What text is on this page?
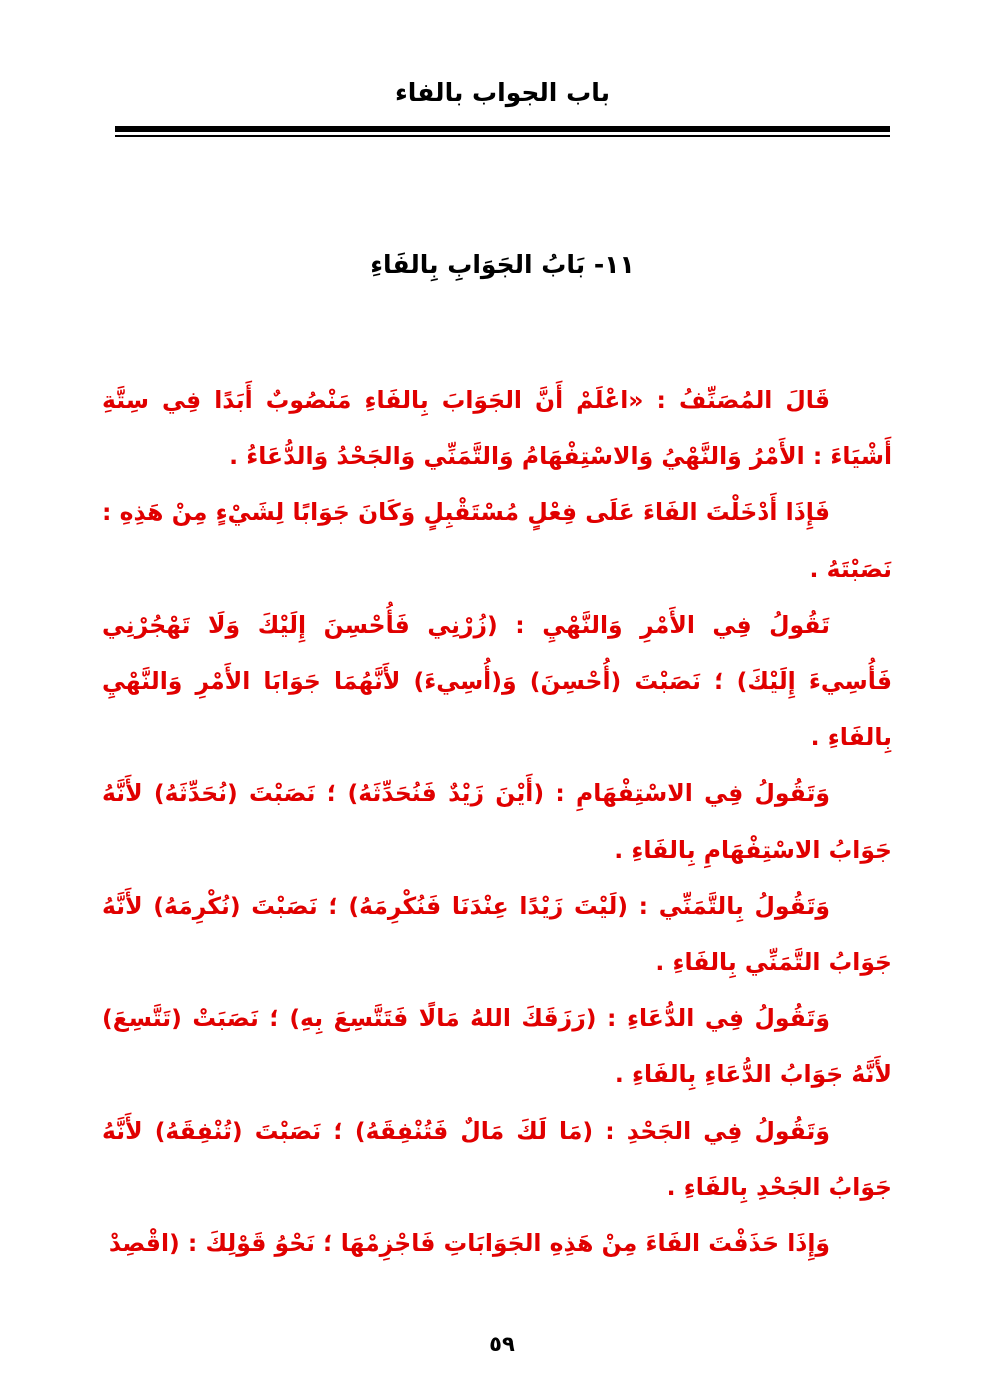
باب الجواب بالفاء
١١- بَابُ الجَوَابِ بِالفَاءِ

قَالَ المُصَنِّفُ : «اعْلَمْ أَنَّ الجَوَابَ بِالفَاءِ مَنْصُوبٌ أَبَدًا فِي سِتَّةِ أَشْيَاءَ : الأَمْرُ وَالنَّهْيُ وَالاسْتِفْهَامُ وَالتَّمَنِّي وَالجَحْدُ وَالدُّعَاءُ .

فَإِذَا أَدْخَلْتَ الفَاءَ عَلَى فِعْلٍ مُسْتَقْبِلٍ وَكَانَ جَوَابًا لِشَيْءٍ مِنْ هَذِهِ : نَصَبْتَهُ .

تَقُولُ فِي الأَمْرِ وَالنَّهْيِ : (زُرْنِي فَأُحْسِنَ إِلَيْكَ وَلَا تَهْجُرْنِي فَأُسِيءَ إِلَيْكَ) ؛ نَصَبْتَ (أُحْسِنَ) وَ(أُسِيءَ) لأَنَّهُمَا جَوَابَا الأَمْرِ وَالنَّهْيِ بِالفَاءِ .

وَتَقُولُ فِي الاسْتِفْهَامِ : (أَيْنَ زَيْدٌ فَنُحَدِّثَهُ) ؛ نَصَبْتَ (نُحَدِّثَهُ) لأَنَّهُ جَوَابُ الاسْتِفْهَامِ بِالفَاءِ .

وَتَقُولُ بِالتَّمَنِّي : (لَيْتَ زَيْدًا عِنْدَنَا فَنُكْرِمَهُ) ؛ نَصَبْتَ (نُكْرِمَهُ) لأَنَّهُ جَوَابُ التَّمَنِّي بِالفَاءِ .

وَتَقُولُ فِي الدُّعَاءِ : (رَزَقَكَ اللهُ مَالًا فَتَتَّسِعَ بِهِ) ؛ نَصَبَتْ (تَتَّسِعَ) لأَنَّهُ جَوَابُ الدُّعَاءِ بِالفَاءِ .

وَتَقُولُ فِي الجَحْدِ : (مَا لَكَ مَالٌ فَتُنْفِقَهُ) ؛ نَصَبْتَ (تُنْفِقَهُ) لأَنَّهُ جَوَابُ الجَحْدِ بِالفَاءِ .

وَإِذَا حَذَفْتَ الفَاءَ مِنْ هَذِهِ الجَوَابَاتِ فَاجْزِمْهَا ؛ نَحْوُ قَوْلِكَ : (اقْصِدْ

٥٩
